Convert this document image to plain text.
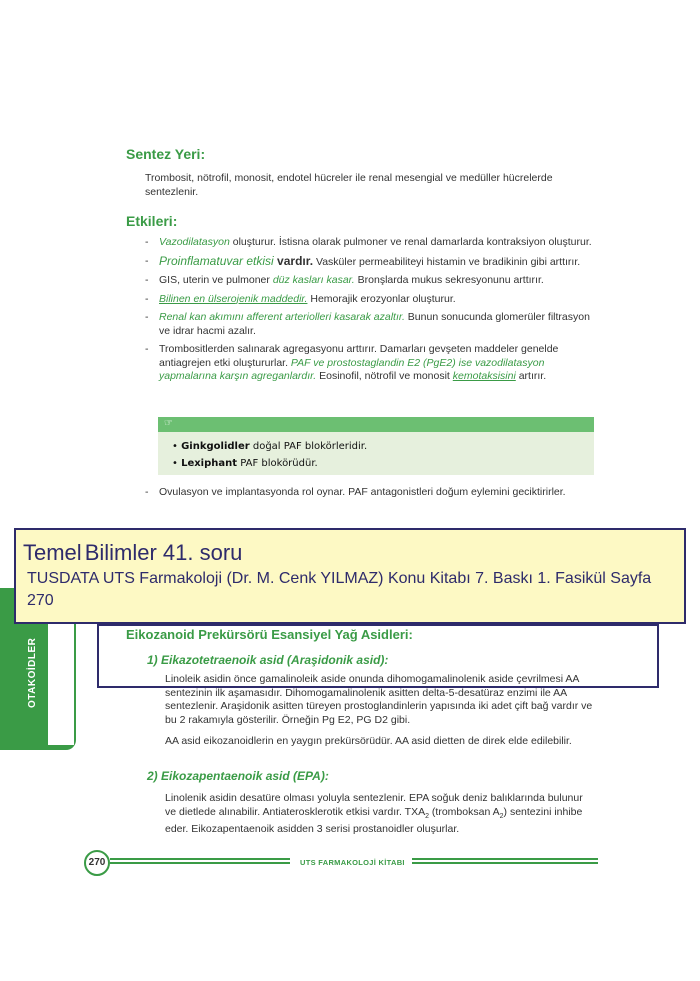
Sentez Yeri:
Trombosit, nötrofil, monosit, endotel hücreler ile renal mesengial ve medüller hücrelerde sentezlenir.
Etkileri:
- Vazodilatasyon oluşturur. İstisna olarak pulmoner ve renal damarlarda kontraksiyon oluşturur.
- Proinflamatuvar etkisi vardır. Vasküler permeabiliteyi histamin ve bradikinin gibi arttırır.
- GIS, uterin ve pulmoner düz kasları kasar. Bronşlarda mukus sekresyonunu arttırır.
- Bilinen en ülserojenik maddedir. Hemorajik erozyonlar oluşturur.
- Renal kan akımını afferent arteriolleri kasarak azaltır. Bunun sonucunda glomerüler filtrasyon ve idrar hacmi azalır.
- Trombositlerden salınarak agregasyonu arttırır. Damarları gevşeten maddeler genelde antiagrejen etki oluştururlar. PAF ve prostostaglandin E2 (PgE2) ise vazodilatasyon yapmalarına karşın agreganlardır. Eosinofil, nötrofil ve monosit kemotaksisini artırır.
☞
• Ginkgolidler doğal PAF blokörleridir.
• Lexiphant PAF blokörüdür.
- Ovulasyon ve implantasyonda rol oynar. PAF antagonistleri doğum eylemini geciktirirler.
OTAKOİDLER
Eikozanoid Prekürsörü Esansiyel Yağ Asidleri:
1) Eikazotetraenoik asid (Araşidonik asid):
Linoleik asidin önce gamalinoleik aside onunda dihomogamalinolenik aside çevrilmesi AA sentezinin ilk aşamasıdır. Dihomogamalinolenik asitten delta-5-desatüraz enzimi ile AA sentezlenir. Araşidonik asitten türeyen prostoglandinlerin yapısında iki adet çift bağ vardır ve bu 2 rakamıyla gösterilir. Örneğin Pg E2, PG D2 gibi.
AA asid eikozanoidlerin en yaygın prekürsörüdür. AA asid dietten de direk elde edilebilir.
2) Eikozapentaenoik asid (EPA):
Linolenik asidin desatüre olması yoluyla sentezlenir. EPA soğuk deniz balıklarında bulunur ve dietlede alınabilir. Antiaterosklerotik etkisi vardır. $TXA_2$ (tromboksan $A_2$) sentezini inhibe eder. Eikozapentaenoik asidden 3 serisi prostanoidler oluşurlar.
Temel Bilimler 41. soru
TUSDATA UTS Farmakoloji (Dr. M. Cenk YILMAZ) Konu Kitabı 7. Baskı 1. Fasikül Sayfa 270
270	UTS FARMAKOLOJİ KİTABI
